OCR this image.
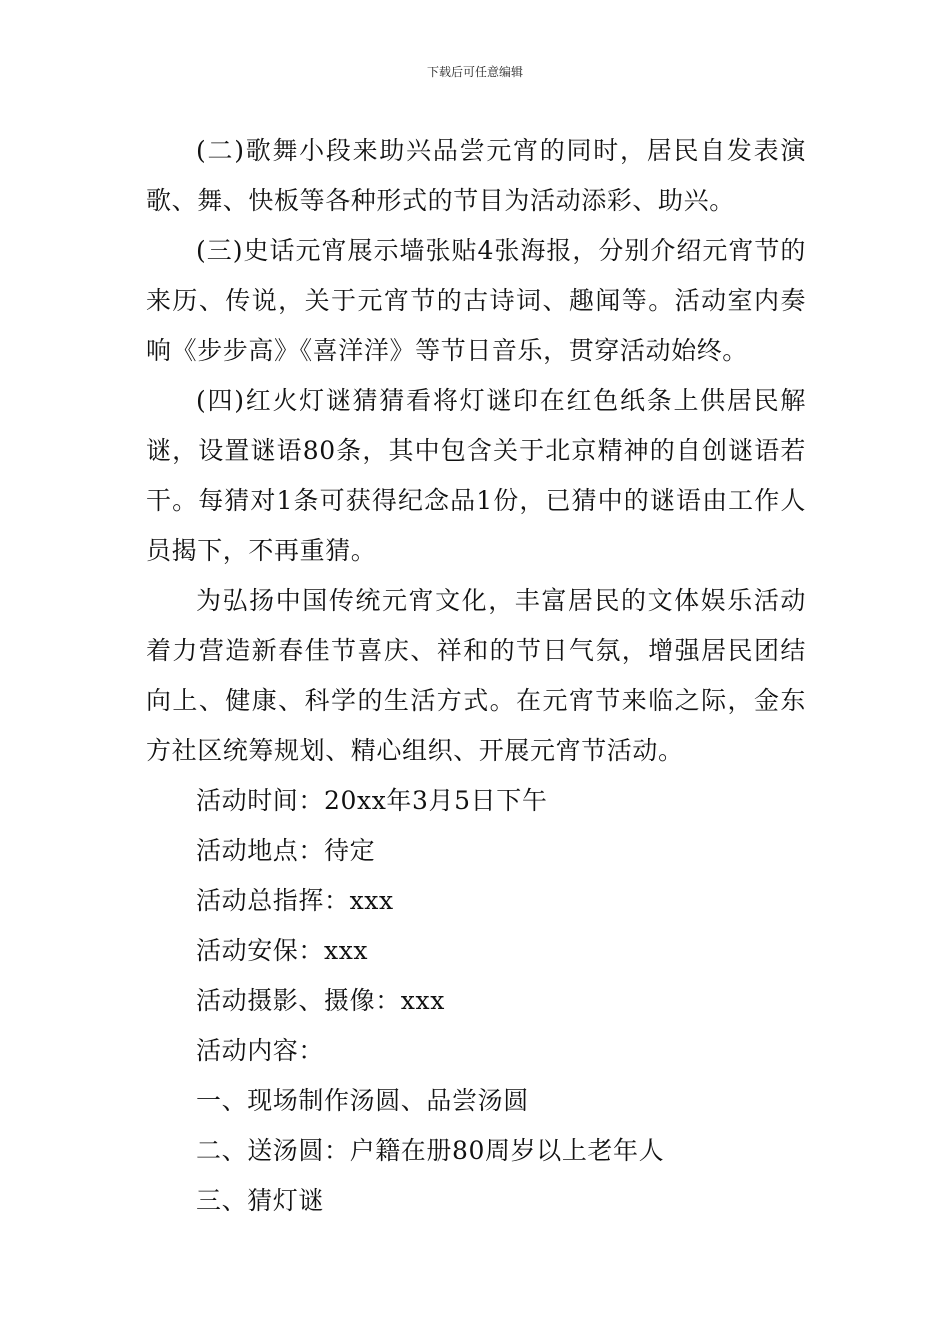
下载后可任意编辑

(二)歌舞小段来助兴品尝元宵的同时，居民自发表演歌、舞、快板等各种形式的节目为活动添彩、助兴。

(三)史话元宵展示墙张贴4张海报，分别介绍元宵节的来历、传说，关于元宵节的古诗词、趣闻等。活动室内奏响《步步高》《喜洋洋》等节日音乐，贯穿活动始终。

(四)红火灯谜猜猜看将灯谜印在红色纸条上供居民解谜，设置谜语80条，其中包含关于北京精神的自创谜语若干。每猜对1条可获得纪念品1份，已猜中的谜语由工作人员揭下，不再重猜。

为弘扬中国传统元宵文化，丰富居民的文体娱乐活动着力营造新春佳节喜庆、祥和的节日气氛，增强居民团结向上、健康、科学的生活方式。在元宵节来临之际，金东方社区统筹规划、精心组织、开展元宵节活动。

活动时间：20xx年3月5日下午

活动地点：待定

活动总指挥：xxx

活动安保：xxx

活动摄影、摄像：xxx

活动内容：

一、现场制作汤圆、品尝汤圆

二、送汤圆：户籍在册80周岁以上老年人

三、猜灯谜
